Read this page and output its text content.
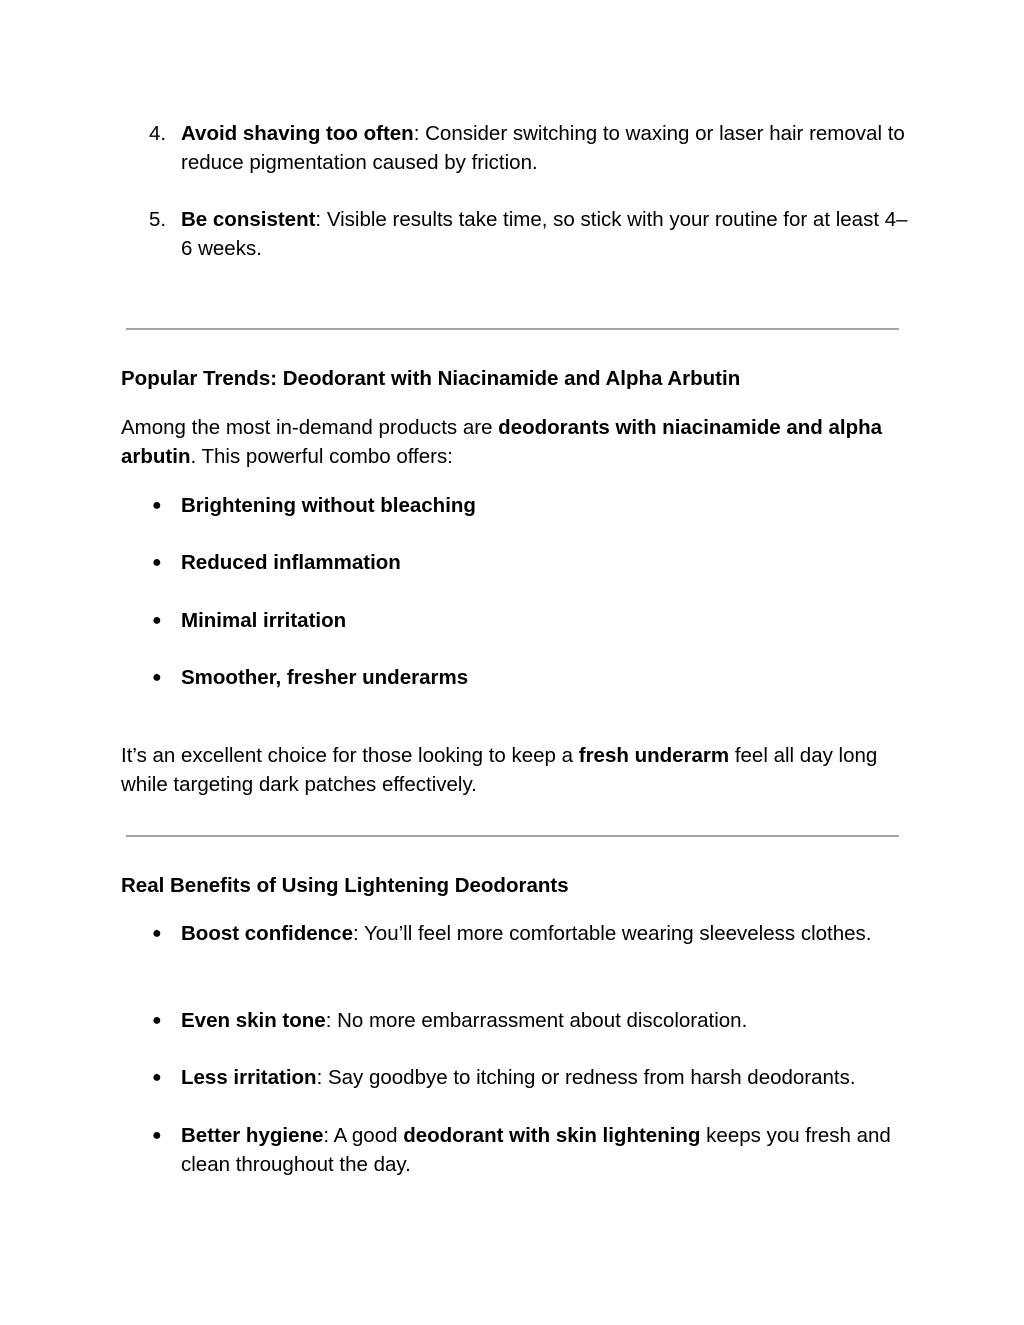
4. Avoid shaving too often: Consider switching to waxing or laser hair removal to reduce pigmentation caused by friction.
5. Be consistent: Visible results take time, so stick with your routine for at least 4–6 weeks.
Popular Trends: Deodorant with Niacinamide and Alpha Arbutin
Among the most in-demand products are deodorants with niacinamide and alpha arbutin. This powerful combo offers:
● Brightening without bleaching
● Reduced inflammation
● Minimal irritation
● Smoother, fresher underarms
It’s an excellent choice for those looking to keep a fresh underarm feel all day long while targeting dark patches effectively.
Real Benefits of Using Lightening Deodorants
● Boost confidence: You’ll feel more comfortable wearing sleeveless clothes.
● Even skin tone: No more embarrassment about discoloration.
● Less irritation: Say goodbye to itching or redness from harsh deodorants.
● Better hygiene: A good deodorant with skin lightening keeps you fresh and clean throughout the day.
